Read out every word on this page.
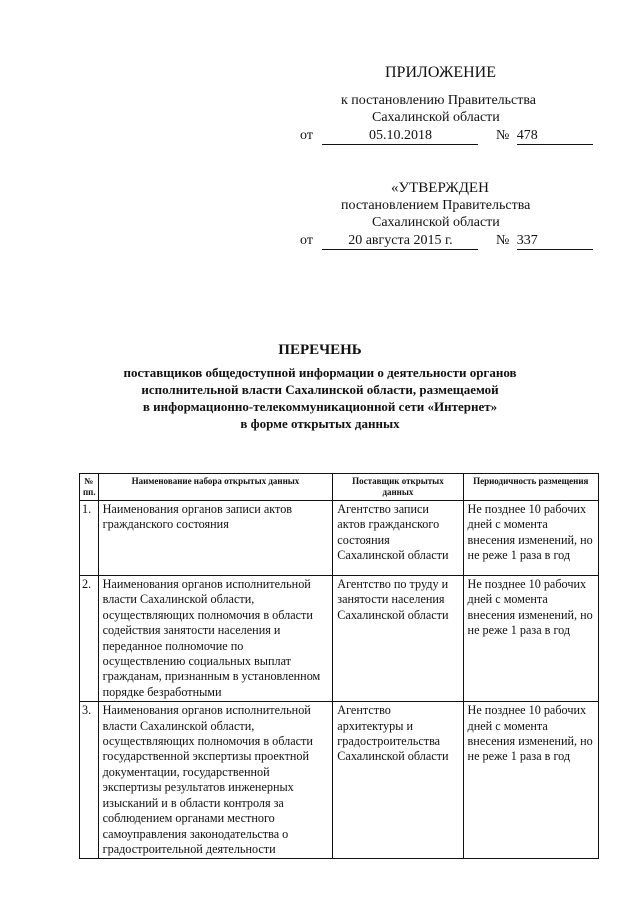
ПРИЛОЖЕНИЕ
к постановлению Правительства
Сахалинской области
от	05.10.2018	№ 478
«УТВЕРЖДЕН
постановлением Правительства
Сахалинской области
от	20 августа 2015 г.	№ 337
ПЕРЕЧЕНЬ
поставщиков общедоступной информации о деятельности органов
исполнительной власти Сахалинской области, размещаемой
в информационно-телекоммуникационной сети «Интернет»
в форме открытых данных
№ пп.	Наименование набора открытых данных	Поставщик открытых данных	Периодичность размещения
1.	Наименования органов записи актов гражданского состояния	Агентство записи актов гражданского состояния Сахалинской области	Не позднее 10 рабочих дней с момента внесения изменений, но не реже 1 раза в год
2.	Наименования органов исполнительной власти Сахалинской области, осуществляющих полномочия в области содействия занятости населения и переданное полномочие по осуществлению социальных выплат гражданам, признанным в установленном порядке безработными	Агентство по труду и занятости населения Сахалинской области	Не позднее 10 рабочих дней с момента внесения изменений, но не реже 1 раза в год
3.	Наименования органов исполнительной власти Сахалинской области, осуществляющих полномочия в области государственной экспертизы проектной документации, государственной экспертизы результатов инженерных изысканий и в области контроля за соблюдением органами местного самоуправления законодательства о градостроительной деятельности	Агентство архитектуры и градостроительства Сахалинской области	Не позднее 10 рабочих дней с момента внесения изменений, но не реже 1 раза в год
